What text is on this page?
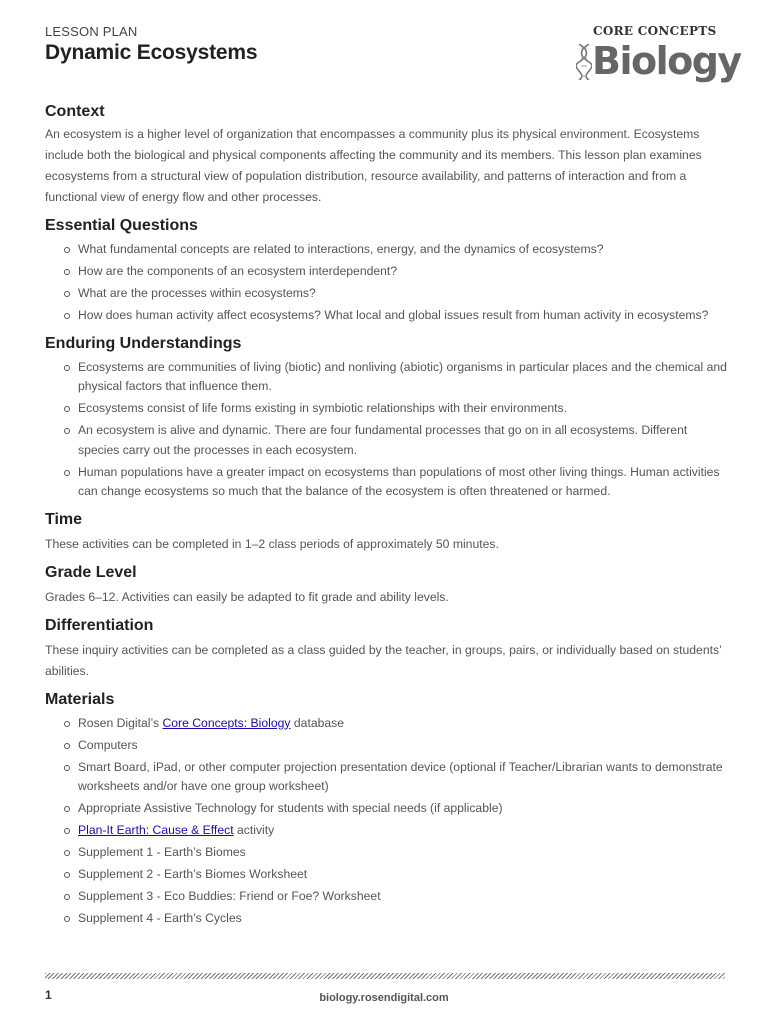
LESSON PLAN
Dynamic Ecosystems
CORE CONCEPTS
Biology
Context

An ecosystem is a higher level of organization that encompasses a community plus its physical environment. Ecosystems include both the biological and physical components affecting the community and its members. This lesson plan examines ecosystems from a structural view of population distribution, resource availability, and patterns of interaction and from a functional view of energy flow and other processes.

Essential Questions
What fundamental concepts are related to interactions, energy, and the dynamics of ecosystems?
How are the components of an ecosystem interdependent?
What are the processes within ecosystems?
How does human activity affect ecosystems? What local and global issues result from human activity in ecosystems?
Enduring Understandings
Ecosystems are communities of living (biotic) and nonliving (abiotic) organisms in particular places and the chemical and physical factors that influence them.
Ecosystems consist of life forms existing in symbiotic relationships with their environments.
An ecosystem is alive and dynamic. There are four fundamental processes that go on in all ecosystems. Different species carry out the processes in each ecosystem.
Human populations have a greater impact on ecosystems than populations of most other living things. Human activities can change ecosystems so much that the balance of the ecosystem is often threatened or harmed.
Time

These activities can be completed in 1–2 class periods of approximately 50 minutes.

Grade Level

Grades 6–12. Activities can easily be adapted to fit grade and ability levels.

Differentiation

These inquiry activities can be completed as a class guided by the teacher, in groups, pairs, or individually based on students’ abilities.

Materials
Rosen Digital’s Core Concepts: Biology database
Computers
Smart Board, iPad, or other computer projection presentation device (optional if Teacher/Librarian wants to demonstrate worksheets and/or have one group worksheet)
Appropriate Assistive Technology for students with special needs (if applicable)
Plan-It Earth: Cause & Effect activity
Supplement 1 - Earth’s Biomes
Supplement 2 - Earth’s Biomes Worksheet
Supplement 3 - Eco Buddies: Friend or Foe? Worksheet
Supplement 4 - Earth’s Cycles
1	biology.rosendigital.com
